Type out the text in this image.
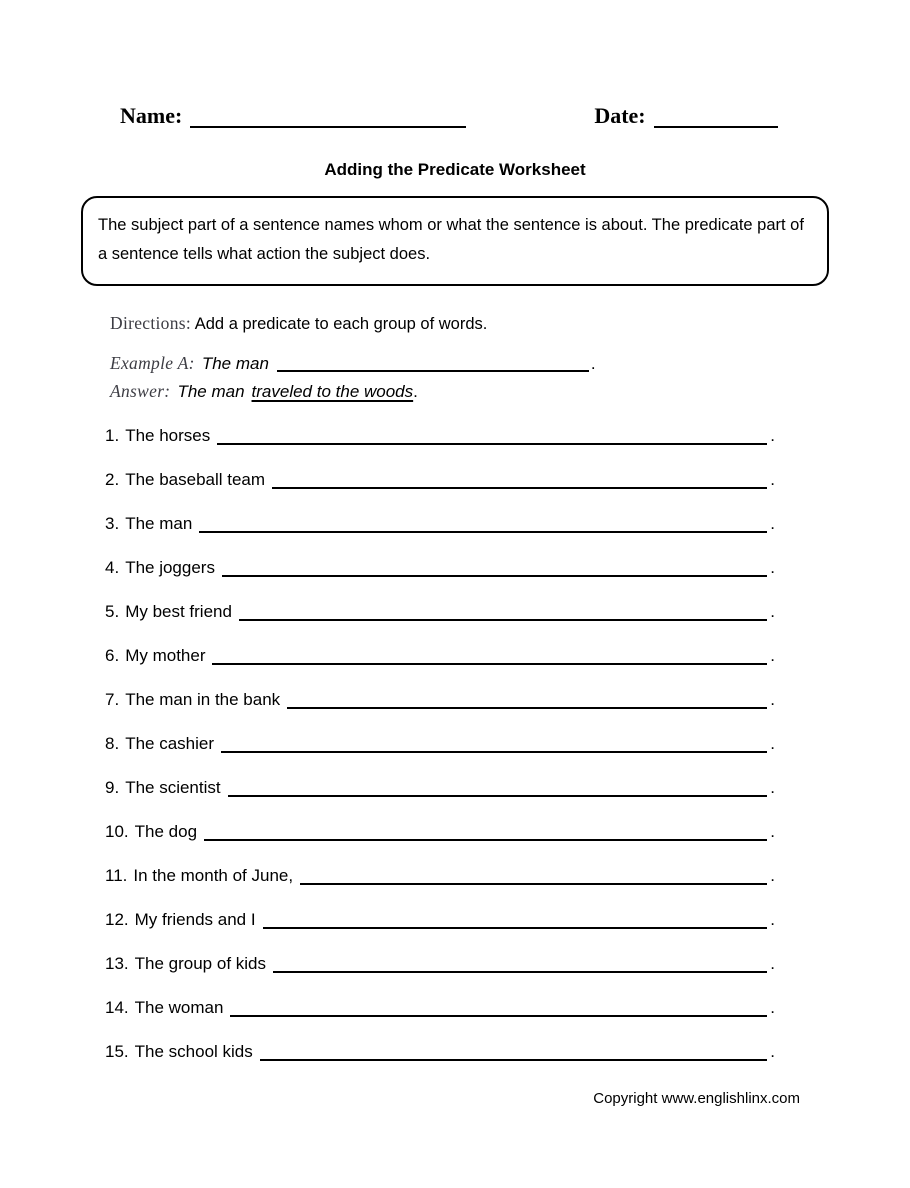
Name:	Date:
Adding the Predicate Worksheet
The subject part of a sentence names whom or what the sentence is about. The predicate part of a sentence tells what action the subject does.
Directions: Add a predicate to each group of words.
Example A: The man	.
Answer: The man traveled to the woods .
1. The horses	.
2. The baseball team	.
3. The man	.
4. The joggers	.
5. My best friend	.
6. My mother	.
7. The man in the bank	.
8. The cashier	.
9. The scientist	.
10. The dog	.
11. In the month of June,	.
12. My friends and I	.
13. The group of kids	.
14. The woman	.
15. The school kids	.
Copyright www.englishlinx.com
